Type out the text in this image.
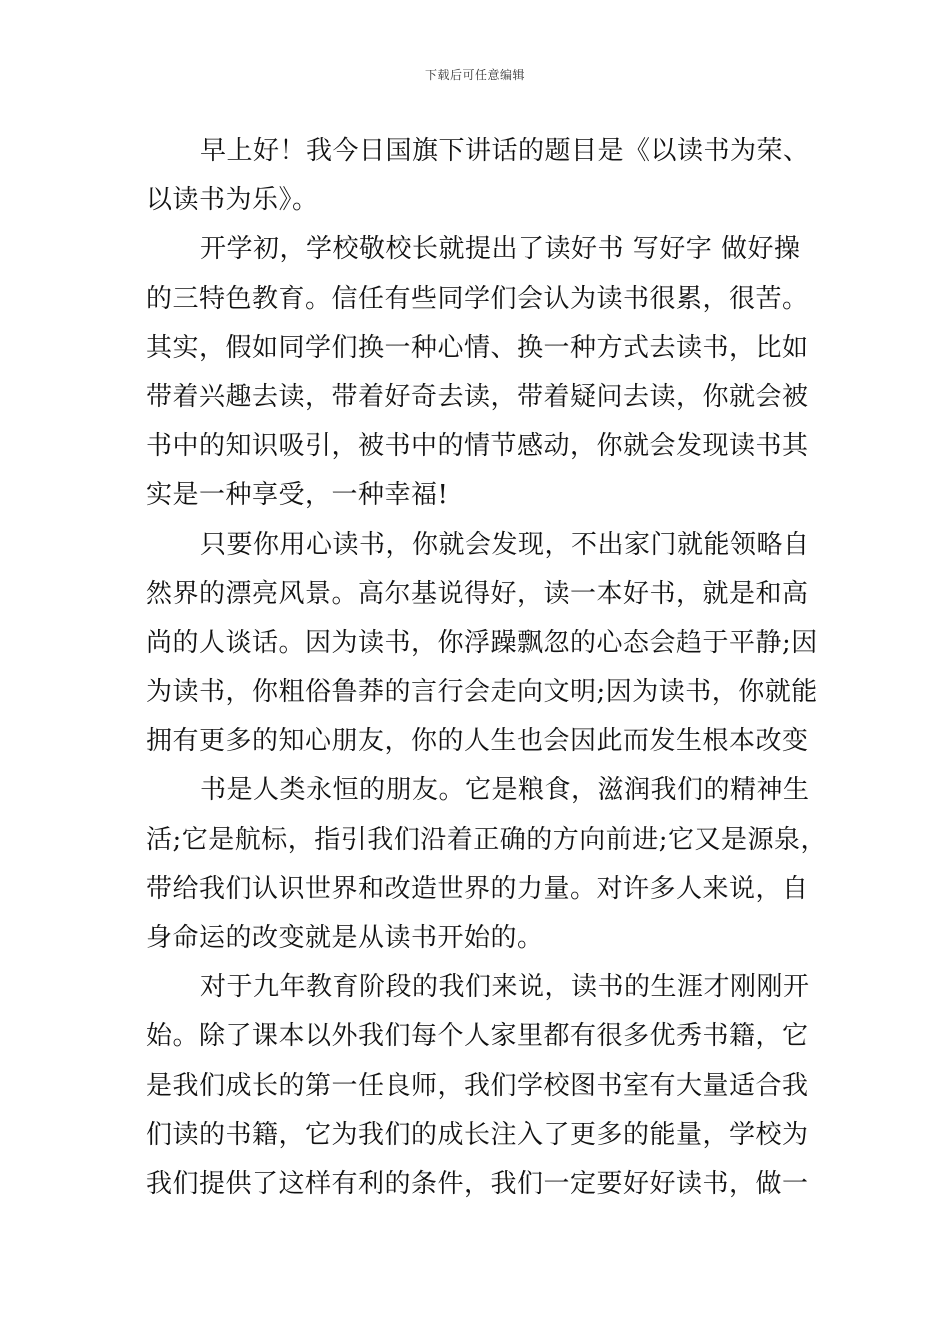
下载后可任意编辑
早上好！我今日国旗下讲话的题目是《以读书为荣、
以读书为乐》。
开学初，学校敬校长就提出了读好书 写好字 做好操
的三特色教育。信任有些同学们会认为读书很累，很苦。
其实，假如同学们换一种心情、换一种方式去读书，比如
带着兴趣去读，带着好奇去读，带着疑问去读，你就会被
书中的知识吸引，被书中的情节感动，你就会发现读书其
实是一种享受，一种幸福!
只要你用心读书，你就会发现，不出家门就能领略自
然界的漂亮风景。高尔基说得好，读一本好书，就是和高
尚的人谈话。因为读书，你浮躁飘忽的心态会趋于平静;因
为读书，你粗俗鲁莽的言行会走向文明;因为读书，你就能
拥有更多的知心朋友，你的人生也会因此而发生根本改变
书是人类永恒的朋友。它是粮食，滋润我们的精神生
活;它是航标，指引我们沿着正确的方向前进;它又是源泉，
带给我们认识世界和改造世界的力量。对许多人来说，自
身命运的改变就是从读书开始的。
对于九年教育阶段的我们来说，读书的生涯才刚刚开
始。除了课本以外我们每个人家里都有很多优秀书籍，它
是我们成长的第一任良师，我们学校图书室有大量适合我
们读的书籍，它为我们的成长注入了更多的能量，学校为
我们提供了这样有利的条件，我们一定要好好读书，做一
